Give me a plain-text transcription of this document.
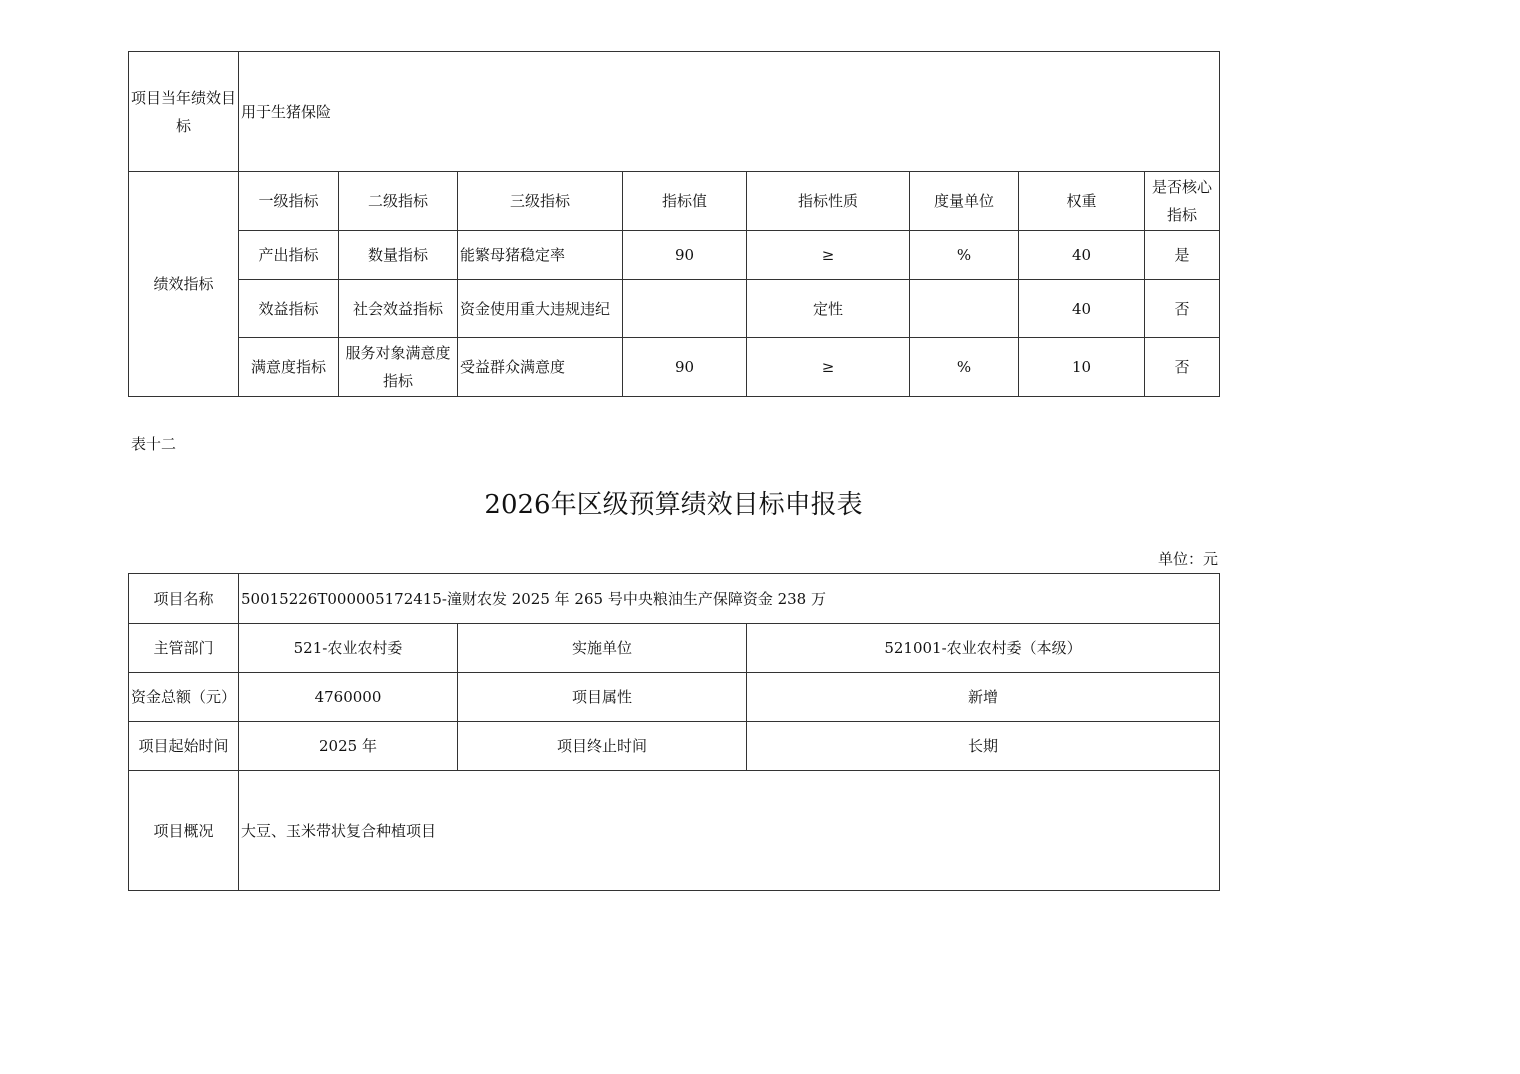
项目当年绩效目标	用于生猪保险							
绩效指标	一级指标	二级指标	三级指标	指标值	指标性质	度量单位	权重	是否核心指标
	产出指标	数量指标	能繁母猪稳定率	90	≥	%	40	是
	效益指标	社会效益指标	资金使用重大违规违纪		定性		40	否
	满意度指标	服务对象满意度指标	受益群众满意度	90	≥	%	10	否
表十二
2026年区级预算绩效目标申报表
单位：元
项目名称	50015226T000005172415-潼财农发 2025 年 265 号中央粮油生产保障资金 238 万		
主管部门	521-农业农村委	实施单位	521001-农业农村委（本级）
资金总额（元）	4760000	项目属性	新增
项目起始时间	2025 年	项目终止时间	长期
项目概况	大豆、玉米带状复合种植项目		
